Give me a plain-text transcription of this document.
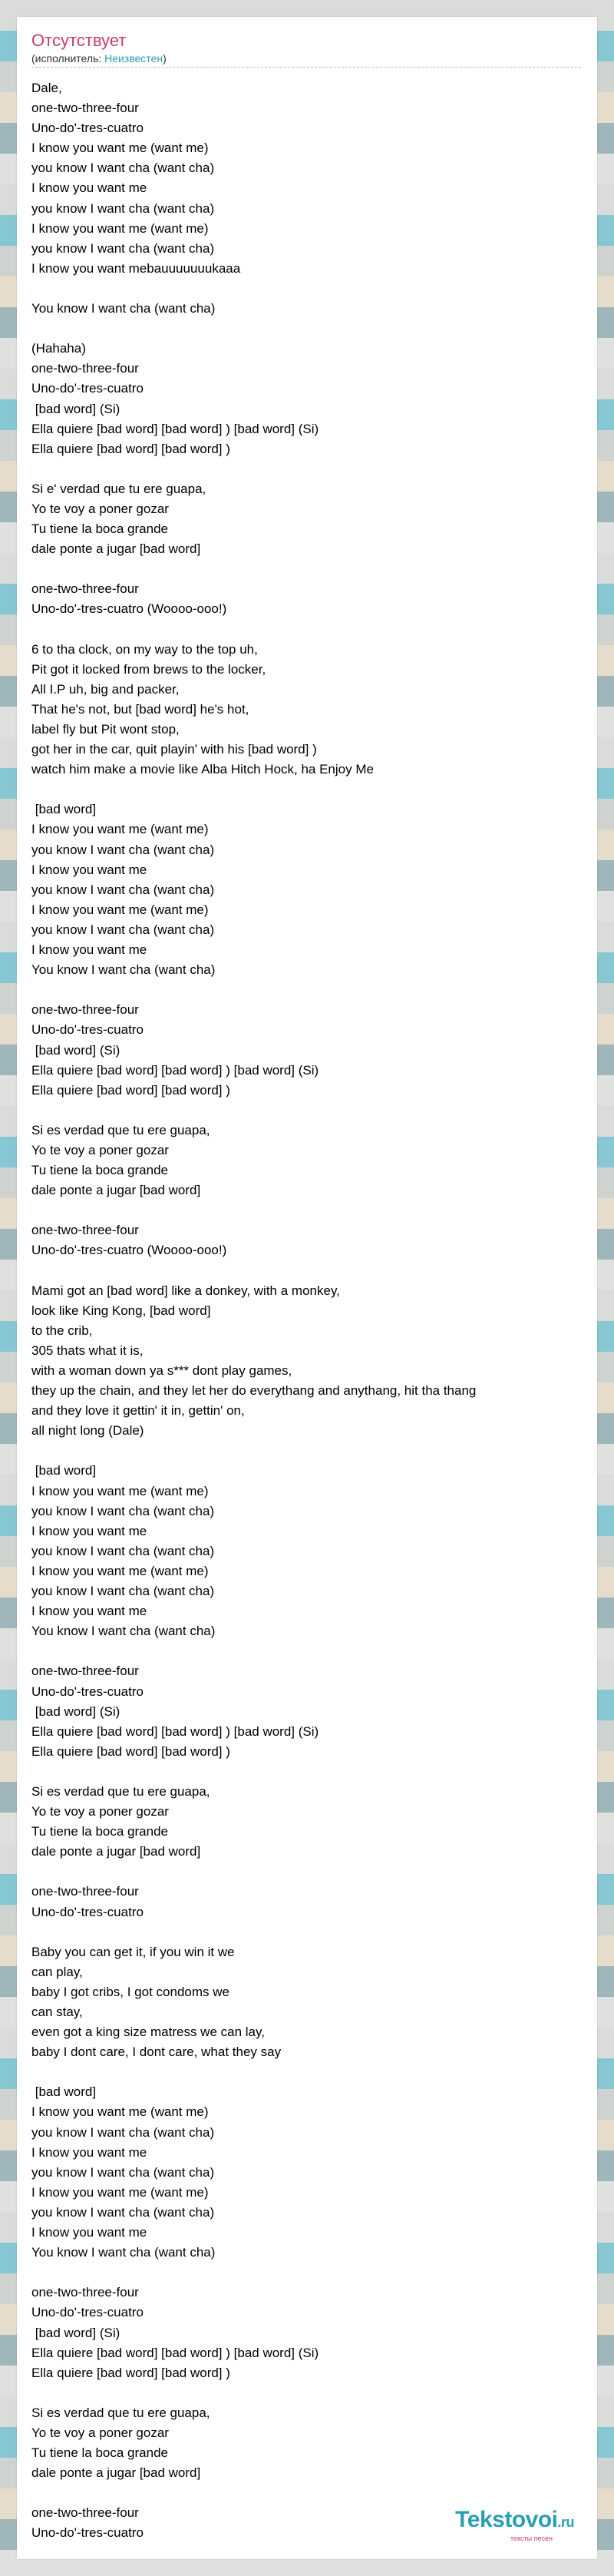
Отсутствует
(исполнитель: Неизвестен)
Dale,
one-two-three-four
Uno-do'-tres-cuatro
I know you want me (want me)
you know I want cha (want cha)
I know you want me
you know I want cha (want cha)
I know you want me (want me)
you know I want cha (want cha)
I know you want mebauuuuuuukaaa
You know I want cha (want cha)
(Hahaha)
one-two-three-four
Uno-do'-tres-cuatro
[bad word] (Si)
Ella quiere [bad word] [bad word] ) [bad word] (Si)
Ella quiere [bad word] [bad word] )
Si e' verdad que tu ere guapa,
Yo te voy a poner gozar
Tu tiene la boca grande
dale ponte a jugar [bad word]
one-two-three-four
Uno-do'-tres-cuatro (Woooo-ooo!)
6 to tha clock, on my way to the top uh,
Pit got it locked from brews to the locker,
All I.P uh, big and packer,
That he's not, but [bad word] he's hot,
label fly but Pit wont stop,
got her in the car, quit playin' with his [bad word] )
watch him make a movie like Alba Hitch Hock, ha Enjoy Me
[bad word]
I know you want me (want me)
you know I want cha (want cha)
I know you want me
you know I want cha (want cha)
I know you want me (want me)
you know I want cha (want cha)
I know you want me
You know I want cha (want cha)
one-two-three-four
Uno-do'-tres-cuatro
[bad word] (Si)
Ella quiere [bad word] [bad word] ) [bad word] (Si)
Ella quiere [bad word] [bad word] )
Si es verdad que tu ere guapa,
Yo te voy a poner gozar
Tu tiene la boca grande
dale ponte a jugar [bad word]
one-two-three-four
Uno-do'-tres-cuatro (Woooo-ooo!)
Mami got an [bad word] like a donkey, with a monkey,
look like King Kong, [bad word]
to the crib,
305 thats what it is,
with a woman down ya s*** dont play games,
they up the chain, and they let her do everythang and anythang, hit tha thang
and they love it gettin' it in, gettin' on,
all night long (Dale)
[bad word]
I know you want me (want me)
you know I want cha (want cha)
I know you want me
you know I want cha (want cha)
I know you want me (want me)
you know I want cha (want cha)
I know you want me
You know I want cha (want cha)
one-two-three-four
Uno-do'-tres-cuatro
[bad word] (Si)
Ella quiere [bad word] [bad word] ) [bad word] (Si)
Ella quiere [bad word] [bad word] )
Si es verdad que tu ere guapa,
Yo te voy a poner gozar
Tu tiene la boca grande
dale ponte a jugar [bad word]
one-two-three-four
Uno-do'-tres-cuatro
Baby you can get it, if you win it we
can play,
baby I got cribs, I got condoms we
can stay,
even got a king size matress we can lay,
baby I dont care, I dont care, what they say
[bad word]
I know you want me (want me)
you know I want cha (want cha)
I know you want me
you know I want cha (want cha)
I know you want me (want me)
you know I want cha (want cha)
I know you want me
You know I want cha (want cha)
one-two-three-four
Uno-do'-tres-cuatro
[bad word] (Si)
Ella quiere [bad word] [bad word] ) [bad word] (Si)
Ella quiere [bad word] [bad word] )
Si es verdad que tu ere guapa,
Yo te voy a poner gozar
Tu tiene la boca grande
dale ponte a jugar [bad word]
one-two-three-four
Uno-do'-tres-cuatro
Tekstovoi.ru
тексты песен
